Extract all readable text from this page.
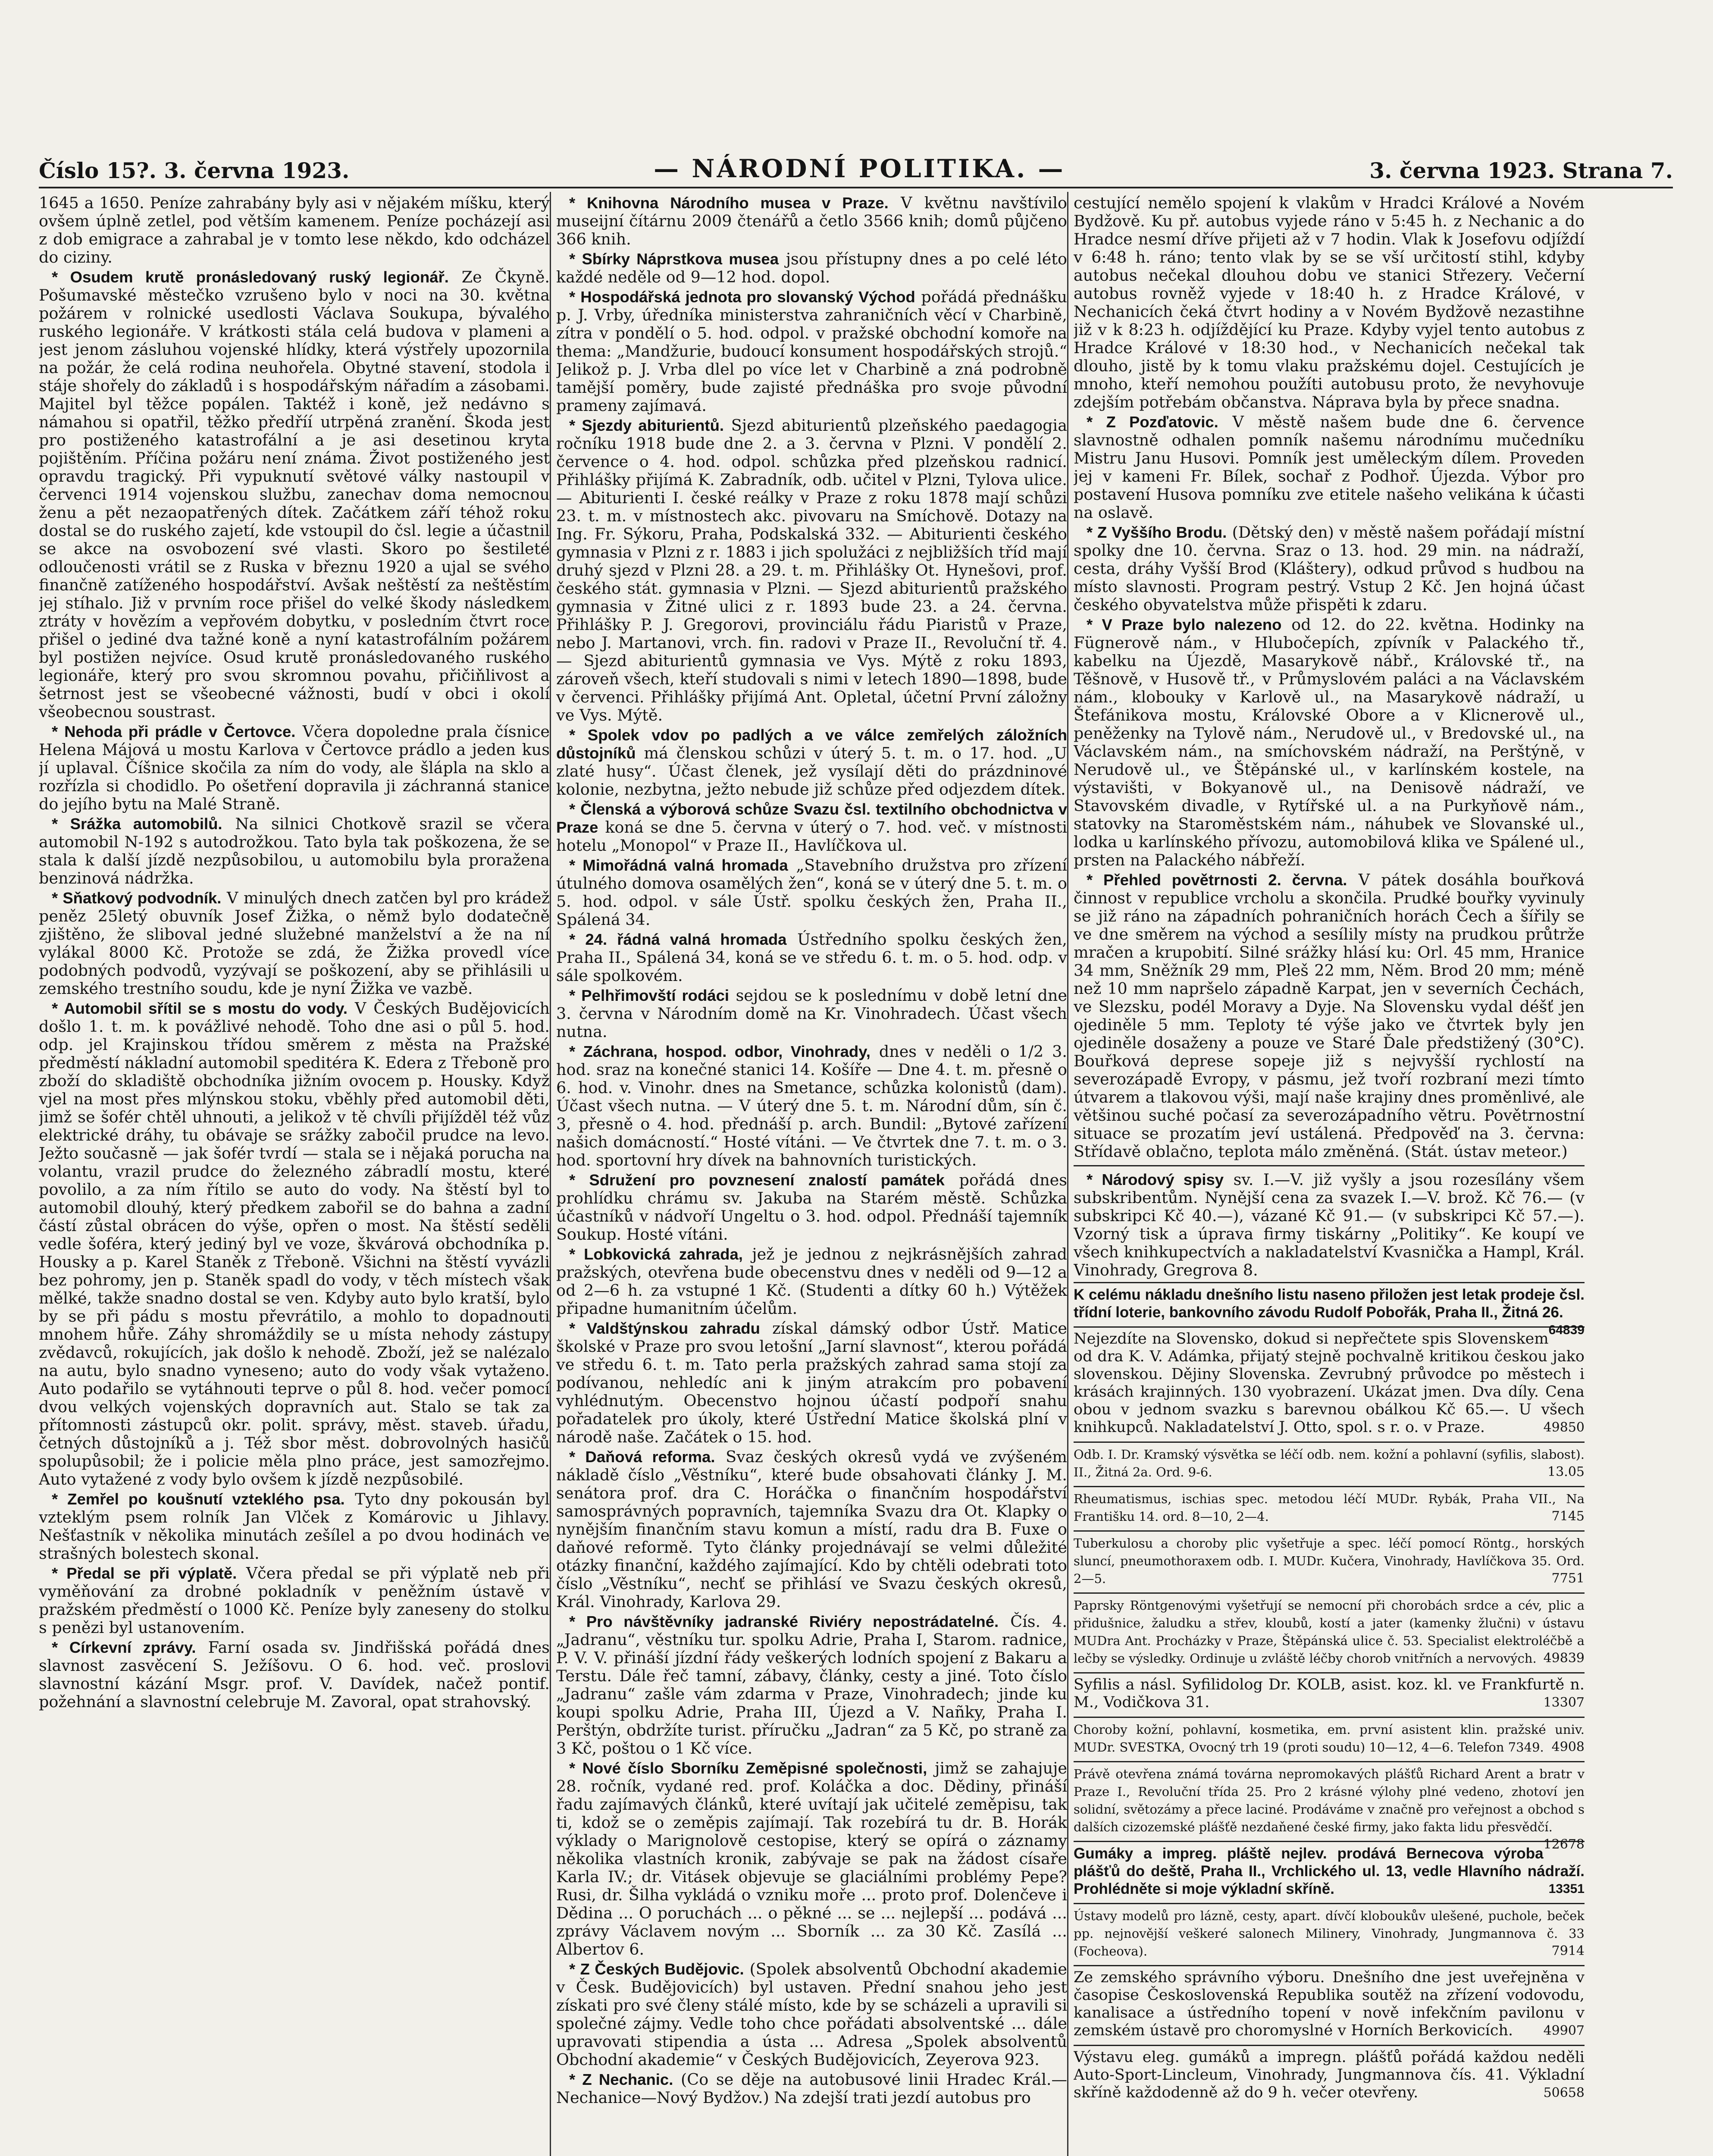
Číslo 15?. 3. června 1923.	— NÁRODNÍ POLITIKA. —	3. června 1923. Strana 7.

1645 a 1650. Peníze zahrabány byly asi v nějakém míšku, který ovšem úplně zetlel, pod větším kamenem. Peníze pocházejí asi z dob emigrace a zahrabal je v tomto lese někdo, kdo odcházel do ciziny.

* Osudem krutě pronásledovaný ruský legionář. Ze Čkyně. Pošumavské městečko vzrušeno bylo v noci na 30. května požárem v rolnické usedlosti Václava Soukupa, bývalého ruského legionáře. V krátkosti stála celá budova v plameni a jest jenom zásluhou vojenské hlídky, která výstřely upozornila na požár, že celá rodina neuhořela. Obytné stavení, stodola i stáje shořely do základů i s hospodářským nářadím a zásobami. Majitel byl těžce popálen. Taktéž i koně, jež nedávno s námahou si opatřil, těžko předříí utrpěná zranění. Škoda jest pro postiženého katastrofální a je asi desetinou kryta pojištěním. Příčina požáru není známa. Život postiženého jest opravdu tragický. Při vypuknutí světové války nastoupil v červenci 1914 vojenskou službu, zanechav doma nemocnou ženu a pět nezaopatřených dítek. Začátkem září téhož roku dostal se do ruského zajetí, kde vstoupil do čsl. legie a účastnil se akce na osvobození své vlasti. Skoro po šestileté odloučenosti vrátil se z Ruska v březnu 1920 a ujal se svého finančně zatíženého hospodářství. Avšak neštěstí za neštěstím jej stíhalo. Již v prvním roce přišel do velké škody následkem ztráty v hovězím a vepřovém dobytku, v posledním čtvrt roce přišel o jediné dva tažné koně a nyní katastrofálním požárem byl postižen nejvíce. Osud krutě pronásledovaného ruského legionáře, který pro svou skromnou povahu, přičiňlivost a šetrnost jest se všeobecné vážnosti, budí v obci i okolí všeobecnou soustrast.

* Nehoda při prádle v Čertovce. Včera dopoledne prala čísnice Helena Májová u mostu Karlova v Čertovce prádlo a jeden kus jí uplaval. Číšnice skočila za ním do vody, ale šlápla na sklo a rozřízla si chodidlo. Po ošetření dopravila ji záchranná stanice do jejího bytu na Malé Straně.

* Srážka automobilů. Na silnici Chotkově srazil se včera automobil N-192 s autodrožkou. Tato byla tak poškozena, že se stala k další jízdě nezpůsobilou, u automobilu byla proražena benzinová nádržka.

* Sňatkový podvodník. V minulých dnech zatčen byl pro krádež peněz 25letý obuvník Josef Žižka, o němž bylo dodatečně zjištěno, že sliboval jedné služebné manželství a že na ní vylákal 8000 Kč. Protože se zdá, že Žižka provedl více podobných podvodů, vyzývají se poškození, aby se přihlásili u zemského trestního soudu, kde je nyní Žižka ve vazbě.

* Automobil sřítil se s mostu do vody. V Českých Budějovicích došlo 1. t. m. k povážlivé nehodě. Toho dne asi o půl 5. hod. odp. jel Krajinskou třídou směrem z města na Pražské předměstí nákladní automobil speditéra K. Edera z Třeboně pro zboží do skladiště obchodníka jižním ovocem p. Housky. Když vjel na most přes mlýnskou stoku, vběhly před automobil děti, jimž se šofér chtěl uhnouti, a jelikož v tě chvíli přijížděl též vůz elektrické dráhy, tu obávaje se srážky zabočil prudce na levo. Ježto současně — jak šofér tvrdí — stala se i nějaká porucha na volantu, vrazil prudce do železného zábradlí mostu, které povolilo, a za ním řítilo se auto do vody. Na štěstí byl to automobil dlouhý, který předkem zabořil se do bahna a zadní částí zůstal obrácen do výše, opřen o most. Na štěstí seděli vedle šoféra, který jediný byl ve voze, škvárová obchodníka p. Housky a p. Karel Staněk z Třeboně. Všichni na štěstí vyvázli bez pohromy, jen p. Staněk spadl do vody, v těch místech však mělké, takže snadno dostal se ven. Kdyby auto bylo kratší, bylo by se při pádu s mostu převrátilo, a mohlo to dopadnouti mnohem hůře. Záhy shromáždily se u místa nehody zástupy zvědavců, rokujících, jak došlo k nehodě. Zboží, jež se nalézalo na autu, bylo snadno vyneseno; auto do vody však vytaženo. Auto podařilo se vytáhnouti teprve o půl 8. hod. večer pomocí dvou velkých vojenských dopravních aut. Stalo se tak za přítomnosti zástupců okr. polit. správy, měst. staveb. úřadu, četných důstojníků a j. Též sbor měst. dobrovolných hasičů spolupůsobil; že i policie měla plno práce, jest samozřejmo. Auto vytažené z vody bylo ovšem k jízdě nezpůsobilé.

* Zemřel po koušnutí vzteklého psa. Tyto dny pokousán byl vzteklým psem rolník Jan Vlček z Komárovic u Jihlavy. Nešťastník v několika minutách zešílel a po dvou hodinách ve strašných bolestech skonal.

* Předal se při výplatě. Včera předal se při výplatě neb při vyměňování za drobné pokladník v peněžním ústavě v pražském předměstí o 1000 Kč. Peníze byly zaneseny do stolku s penězi byl ustanovením.

* Církevní zprávy. Farní osada sv. Jindřišská pořádá dnes slavnost zasvěcení S. Ježíšovu. O 6. hod. več. proslovi slavnostní kázání Msgr. prof. V. Davídek, načež pontif. požehnání a slavnostní celebruje M. Zavoral, opat strahovský.

* Knihovna Národního musea v Praze. V květnu navštívilo museijní čítárnu 2009 čtenářů a četlo 3566 knih; domů půjčeno 366 knih.

* Sbírky Náprstkova musea jsou přístupny dnes a po celé léto každé neděle od 9—12 hod. dopol.

* Hospodářská jednota pro slovanský Východ pořádá přednášku p. J. Vrby, úředníka ministerstva zahraničních věcí v Charbině, zítra v pondělí o 5. hod. odpol. v pražské obchodní komoře na thema: „Mandžurie, budoucí konsument hospodářských strojů.“ Jelikož p. J. Vrba dlel po více let v Charbině a zná podrobně tamější poměry, bude zajisté přednáška pro svoje původní prameny zajímavá.

* Sjezdy abiturientů. Sjezd abiturientů plzeňského paedagogia ročníku 1918 bude dne 2. a 3. června v Plzni. V pondělí 2. července o 4. hod. odpol. schůzka před plzeňskou radnicí. Přihlášky přijímá K. Zabradník, odb. učitel v Plzni, Tylova ulice. — Abiturienti I. české reálky v Praze z roku 1878 mají schůzi 23. t. m. v místnostech akc. pivovaru na Smíchově. Dotazy na Ing. Fr. Sýkoru, Praha, Podskalská 332. — Abiturienti českého gymnasia v Plzni z r. 1883 i jich spolužáci z nejbližších tříd mají druhý sjezd v Plzni 28. a 29. t. m. Přihlášky Ot. Hynešovi, prof. českého stát. gymnasia v Plzni. — Sjezd abiturientů pražského gymnasia v Žitné ulici z r. 1893 bude 23. a 24. června. Přihlášky P. J. Gregorovi, provinciálu řádu Piaristů v Praze, nebo J. Martanovi, vrch. fin. radovi v Praze II., Revoluční tř. 4. — Sjezd abiturientů gymnasia ve Vys. Mýtě z roku 1893, zároveň všech, kteří studovali s nimi v letech 1890—1898, bude v červenci. Přihlášky přijímá Ant. Opletal, účetní První záložny ve Vys. Mýtě.

* Spolek vdov po padlých a ve válce zemřelých záložních důstojníků má členskou schůzi v úterý 5. t. m. o 17. hod. „U zlaté husy“. Účast členek, jež vysílají děti do prázdninové kolonie, nezbytna, ježto nebude již schůze před odjezdem dítek.

* Členská a výborová schůze Svazu čsl. textilního obchodnictva v Praze koná se dne 5. června v úterý o 7. hod. več. v místnosti hotelu „Monopol“ v Praze II., Havlíčkova ul.

* Mimořádná valná hromada „Stavebního družstva pro zřízení útulného domova osamělých žen“, koná se v úterý dne 5. t. m. o 5. hod. odpol. v sále Ústř. spolku českých žen, Praha II., Spálená 34.

* 24. řádná valná hromada Ústředního spolku českých žen, Praha II., Spálená 34, koná se ve středu 6. t. m. o 5. hod. odp. v sále spolkovém.

* Pelhřimovští rodáci sejdou se k poslednímu v době letní dne 3. června v Národním domě na Kr. Vinohradech. Účast všech nutna.

* Záchrana, hospod. odbor, Vinohrady, dnes v neděli o 1/2 3. hod. sraz na konečné stanici 14. Košíře — Dne 4. t. m. přesně o 6. hod. v. Vinohr. dnes na Smetance, schůzka kolonistů (dam). Účast všech nutna. — V úterý dne 5. t. m. Národní dům, sín č. 3, přesně o 4. hod. přednáší p. arch. Bundil: „Bytové zařízení našich domácností.“ Hosté vítáni. — Ve čtvrtek dne 7. t. m. o 3. hod. sportovní hry dívek na bahnovních turistických.

* Sdružení pro povznesení znalostí památek pořádá dnes prohlídku chrámu sv. Jakuba na Starém městě. Schůzka účastníků v nádvoří Ungeltu o 3. hod. odpol. Přednáší tajemník Soukup. Hosté vítáni.

* Lobkovická zahrada, jež je jednou z nejkrásnějších zahrad pražských, otevřena bude obecenstvu dnes v neděli od 9—12 a od 2—6 h. za vstupné 1 Kč. (Studenti a dítky 60 h.) Výtěžek připadne humanitním účelům.

* Valdštýnskou zahradu získal dámský odbor Ústř. Matice školské v Praze pro svou letošní „Jarní slavnost“, kterou pořádá ve středu 6. t. m. Tato perla pražských zahrad sama stojí za podívanou, nehledíc ani k jiným atrakcím pro pobavení vyhlédnutým. Obecenstvo hojnou účastí podpoří snahu pořadatelek pro úkoly, které Ústřední Matice školská plní v národě naše. Začátek o 15. hod.

* Daňová reforma. Svaz českých okresů vydá ve zvýšeném nákladě číslo „Věstníku“, které bude obsahovati články J. M. senátora prof. dra C. Horáčka o finančním hospodářství samosprávných popravních, tajemníka Svazu dra Ot. Klapky o nynějším finančním stavu komun a místí, radu dra B. Fuxe o daňové reformě. Tyto články projednávají se velmi důležité otázky finanční, každého zajímající. Kdo by chtěli odebrati toto číslo „Věstníku“, nechť se přihlásí ve Svazu českých okresů, Král. Vinohrady, Karlova 29.

* Pro návštěvníky jadranské Riviéry nepostrádatelné. Čís. 4. „Jadranu“, věstníku tur. spolku Adrie, Praha I, Starom. radnice, P. V. V. přináší jízdní řády veškerých lodních spojení z Bakaru a Terstu. Dále řeč tamní, zábavy, články, cesty a jiné. Toto číslo „Jadranu“ zašle vám zdarma v Praze, Vinohradech; jinde ku koupi spolku Adrie, Praha III, Újezd a V. Nañky, Praha I. Perštýn, obdržíte turist. příručku „Jadran“ za 5 Kč, po straně za 3 Kč, poštou o 1 Kč více.

* Nové číslo Sborníku Zeměpisné společnosti, jimž se zahajuje 28. ročník, vydané red. prof. Koláčka a doc. Dědiny, přináší řadu zajímavých článků, které uvítají jak učitelé zeměpisu, tak ti, kdož se o zeměpis zajímají. Tak rozebírá tu dr. B. Horák výklady o Marignolově cestopise, který se opírá o záznamy několika vlastních kronik, zabývaje se pak na žádost císaře Karla IV.; dr. Vitásek objevuje se glaciálními problémy Pepe? Rusi, dr. Šilha vykládá o vzniku moře ... proto prof. Dolenčeve i Dědina ... O poruchách ... o pěkné ... se ... nejlepší ... podává ... zprávy Václavem novým ... Sborník ... za 30 Kč. Zasílá ... Albertov 6.

* Z Českých Budějovic. (Spolek absolventů Obchodní akademie v Česk. Budějovicích) byl ustaven. Přední snahou jeho jest získati pro své členy stálé místo, kde by se scházeli a upravili si společné zájmy. Vedle toho chce pořádati absolventské ... dále upravovati stipendia a ústa ... Adresa „Spolek absolventů Obchodní akademie“ v Českých Budějovicích, Zeyerova 923.

* Z Nechanic. (Co se děje na autobusové linii Hradec Král.—Nechanice—Nový Bydžov.) Na zdejší trati jezdí autobus pro

cestující nemělo spojení k vlakům v Hradci Králové a Novém Bydžově. Ku př. autobus vyjede ráno v 5:45 h. z Nechanic a do Hradce nesmí dříve přijeti až v 7 hodin. Vlak k Josefovu odjíždí v 6:48 h. ráno; tento vlak by se se vší určitostí stihl, kdyby autobus nečekal dlouhou dobu ve stanici Střezery. Večerní autobus rovněž vyjede v 18:40 h. z Hradce Králové, v Nechanicích čeká čtvrt hodiny a v Novém Bydžově nezastihne již v k 8:23 h. odjíždějící ku Praze. Kdyby vyjel tento autobus z Hradce Králové v 18:30 hod., v Nechanicích nečekal tak dlouho, jistě by k tomu vlaku pražskému dojel. Cestujících je mnoho, kteří nemohou použíti autobusu proto, že nevyhovuje zdejším potřebám občanstva. Náprava byla by přece snadna.

* Z Pozďatovic. V městě našem bude dne 6. července slavnostně odhalen pomník našemu národnímu mučedníku Mistru Janu Husovi. Pomník jest uměleckým dílem. Proveden jej v kameni Fr. Bílek, sochař z Podhoř. Újezda. Výbor pro postavení Husova pomníku zve etitele našeho velikána k účasti na oslavě.

* Z Vyššího Brodu. (Dětský den) v městě našem pořádají místní spolky dne 10. června. Sraz o 13. hod. 29 min. na nádraží, cesta, dráhy Vyšší Brod (Kláštery), odkud průvod s hudbou na místo slavnosti. Program pestrý. Vstup 2 Kč. Jen hojná účast českého obyvatelstva může přispěti k zdaru.

* V Praze bylo nalezeno od 12. do 22. května. Hodinky na Fügnerově nám., v Hlubočepích, zpívník v Palackého tř., kabelku na Újezdě, Masarykově nábř., Královské tř., na Těšnově, v Husově tř., v Průmyslovém paláci a na Václavském nám., klobouky v Karlově ul., na Masarykově nádraží, u Štefánikova mostu, Královské Obore a v Klicnerově ul., peněženky na Tylově nám., Nerudově ul., v Bredovské ul., na Václavském nám., na smíchovském nádraží, na Perštýně, v Nerudově ul., ve Štěpánské ul., v karlínském kostele, na výstavišti, v Bokyanově ul., na Denisově nádraží, ve Stavovském divadle, v Rytířské ul. a na Purkyňově nám., statovky na Staroměstském nám., náhubek ve Slovanské ul., lodka u karlínského přívozu, automobilová klika ve Spálené ul., prsten na Palackého nábřeží.

* Přehled povětrnosti 2. června. V pátek dosáhla bouřková činnost v republice vrcholu a skončila. Prudké bouřky vyvinuly se již ráno na západních pohraničních horách Čech a šířily se ve dne směrem na východ a sesílily místy na prudkou průtrže mračen a krupobití. Silné srážky hlásí ku: Orl. 45 mm, Hranice 34 mm, Sněžník 29 mm, Pleš 22 mm, Něm. Brod 20 mm; méně než 10 mm napršelo západně Karpat, jen v severních Čechách, ve Slezsku, podél Moravy a Dyje. Na Slovensku vydal déšť jen ojediněle 5 mm. Teploty té výše jako ve čtvrtek byly jen ojediněle dosaženy a pouze ve Staré Ďale předstižený (30°C). Bouřková deprese sopeje již s nejvyšší rychlostí na severozápadě Evropy, v pásmu, jež tvoří rozbraní mezi tímto útvarem a tlakovou výši, mají naše krajiny dnes proměnlivé, ale většinou suché počasí za severozápadního větru. Povětrnostní situace se prozatím jeví ustálená. Předpověď na 3. června: Střídavě oblačno, teplota málo změněná. (Stát. ústav meteor.)

* Národový spisy sv. I.—V. již vyšly a jsou rozesílány všem subskribentům. Nynější cena za svazek I.—V. brož. Kč 76.— (v subskripci Kč 40.—), vázané Kč 91.— (v subskripci Kč 57.—). Vzorný tisk a úprava firmy tiskárny „Politiky“. Ke koupí ve všech knihkupectvích a nakladatelství Kvasnička a Hampl, Král. Vinohrady, Gregrova 8.

K celému nákladu dnešního listu naseno přiložen jest letak prodeje čsl. třídní loterie, bankovního závodu Rudolf Pobořák, Praha II., Žitná 26.
64839
Nejezdíte na Slovensko, dokud si nepřečtete spis Slovenskem od dra K. V. Adámka, přijatý stejně pochvalně kritikou českou jako slovenskou. Dějiny Slovenska. Zevrubný průvodce po městech i krásách krajinných. 130 vyobrazení. Ukázat jmen. Dva díly. Cena obou v jednom svazku s barevnou obálkou Kč 65.—. U všech knihkupců. Nakladatelství J. Otto, spol. s r. o. v Praze.	49850
Odb. I. Dr. Kramský výsvětka se léčí odb. nem. kožní a pohlavní (syfilis, slabost). II., Žitná 2a. Ord. 9-6.	13.05
Rheumatismus, ischias spec. metodou léčí MUDr. Rybák, Praha VII., Na Františku 14. ord. 8—10, 2—4.	7145
Tuberkulosu a choroby plic vyšetřuje a spec. léčí pomocí Röntg., horských sluncí, pneumothoraxem odb. I. MUDr. Kučera, Vinohrady, Havlíčkova 35. Ord. 2—5.	7751
Paprsky Röntgenovými vyšetřují se nemocní při chorobách srdce a cév, plic a přidušnice, žaludku a střev, kloubů, kostí a jater (kamenky žlučni) v ústavu MUDra Ant. Procházky v Praze, Štěpánská ulice č. 53. Specialist elektroléčbě a lečby se výsledky. Ordinuje u zvláště léčby chorob vnitřních a nervových. 49839
Syfilis a násl. Syfilidolog Dr. KOLB, asist. koz. kl. ve Frankfurtě n. M., Vodičkova 31.	13307
Choroby kožní, pohlavní, kosmetika, em. první asistent klin. pražské univ. MUDr. SVESTKA, Ovocný trh 19 (proti soudu) 10—12, 4—6. Telefon 7349. 4908
Právě otevřena známá továrna nepromokavých plášťů Richard Arent a bratr v Praze I., Revoluční třída 25. Pro 2 krásné výlohy plné vedeno, zhotoví jen solidní, světozámy a přece laciné. Prodáváme v značně pro veřejnost a obchod s dalších cizozemské plášťě nezdaňené české firmy, jako fakta lidu přesvědčí.
12678
Gumáky a impreg. pláště nejlev. prodává Bernecova výroba plášťů do deště, Praha II., Vrchlického ul. 13, vedle Hlavního nádraží. Prohlédněte si moje výkladní skříně.	13351
Ústavy modelů pro lázně, cesty, apart. dívčí kloboukův ulešené, puchole, beček pp. nejnovější veškeré salonech Milinery, Vinohrady, Jungmannova č. 33 (Focheova).	7914
Ze zemského správního výboru. Dnešního dne jest uveřejněna v časopise Československá Republika soutěž na zřízení vodovodu, kanalisace a ústředního topení v nově infekčním pavilonu v zemském ústavě pro choromyslné v Horních Berkovicích. 49907
Výstavu eleg. gumáků a impregn. plášťů pořádá každou neděli Auto-Sport-Lincleum, Vinohrady, Jungmannova čís. 41. Výkladní skříně každodenně až do 9 h. večer otevřeny.	50658
